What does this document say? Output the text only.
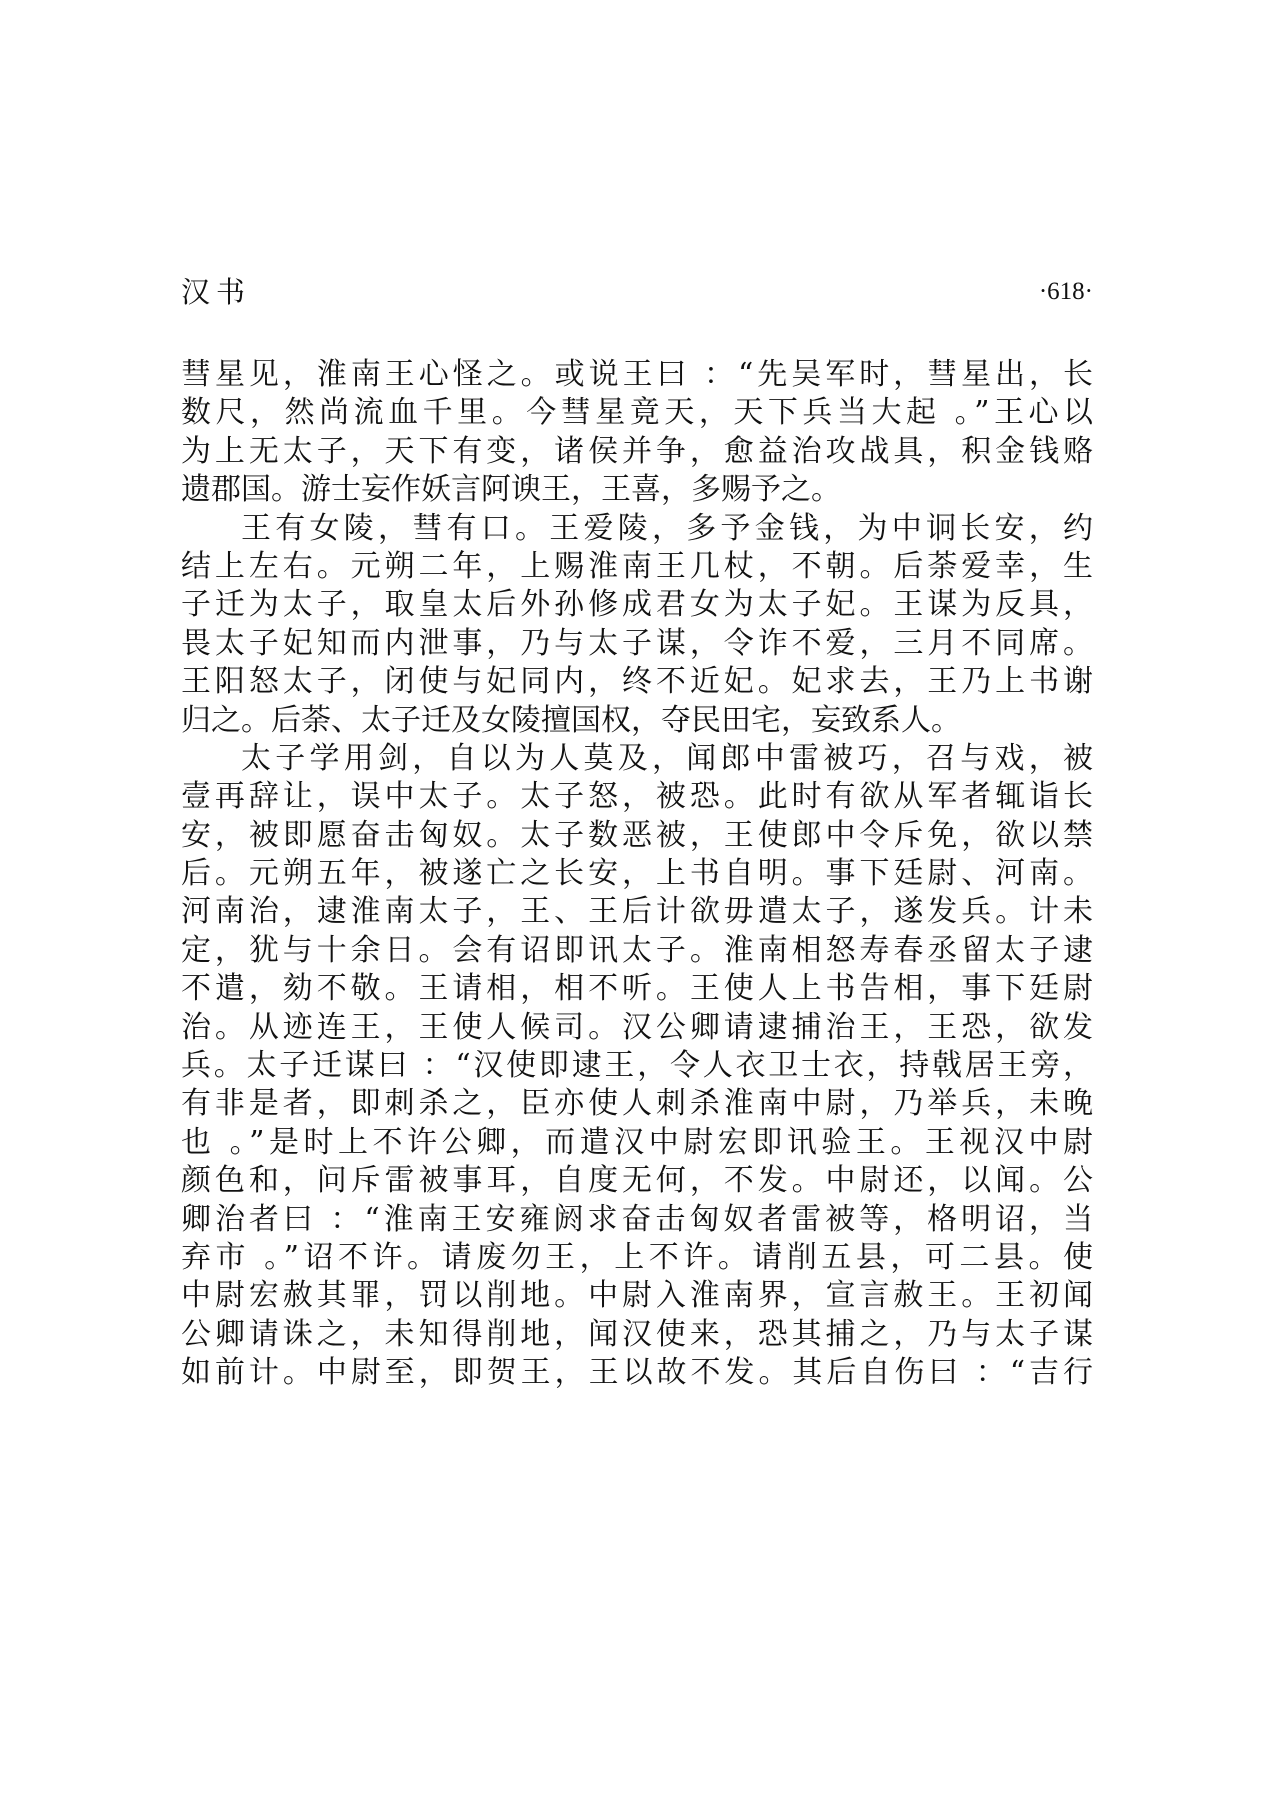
汉书	·618·
彗星见，淮南王心怪之。或说王曰 ：“先吴军时，彗星出，长
数尺，然尚流血千里。今彗星竟天，天下兵当大起 。”王心以
为上无太子，天下有变，诸侯并争，愈益治攻战具，积金钱赂
遗郡国。游士妄作妖言阿谀王，王喜，多赐予之。
王有女陵，彗有口。王爱陵，多予金钱，为中诇长安，约
结上左右。元朔二年，上赐淮南王几杖，不朝。后荼爱幸，生
子迁为太子，取皇太后外孙修成君女为太子妃。王谋为反具，
畏太子妃知而内泄事，乃与太子谋，令诈不爱，三月不同席。
王阳怒太子，闭使与妃同内，终不近妃。妃求去，王乃上书谢
归之。后荼、太子迁及女陵擅国权，夺民田宅，妄致系人。
太子学用剑，自以为人莫及，闻郎中雷被巧，召与戏，被
壹再辞让，误中太子。太子怒，被恐。此时有欲从军者辄诣长
安，被即愿奋击匈奴。太子数恶被，王使郎中令斥免，欲以禁
后。元朔五年，被遂亡之长安，上书自明。事下廷尉、河南。
河南治，逮淮南太子，王、王后计欲毋遣太子，遂发兵。计未
定，犹与十余日。会有诏即讯太子。淮南相怒寿春丞留太子逮
不遣，劾不敬。王请相，相不听。王使人上书告相，事下廷尉
治。从迹连王，王使人候司。汉公卿请逮捕治王，王恐，欲发
兵。太子迁谋曰 ：“汉使即逮王，令人衣卫士衣，持戟居王旁，
有非是者，即刺杀之，臣亦使人刺杀淮南中尉，乃举兵，未晚
也 。”是时上不许公卿，而遣汉中尉宏即讯验王。王视汉中尉
颜色和，问斥雷被事耳，自度无何，不发。中尉还，以闻。公
卿治者曰 ：“淮南王安雍阏求奋击匈奴者雷被等，格明诏，当
弃市 。”诏不许。请废勿王，上不许。请削五县，可二县。使
中尉宏赦其罪，罚以削地。中尉入淮南界，宣言赦王。王初闻
公卿请诛之，未知得削地，闻汉使来，恐其捕之，乃与太子谋
如前计。中尉至，即贺王，王以故不发。其后自伤曰 ：“吉行
